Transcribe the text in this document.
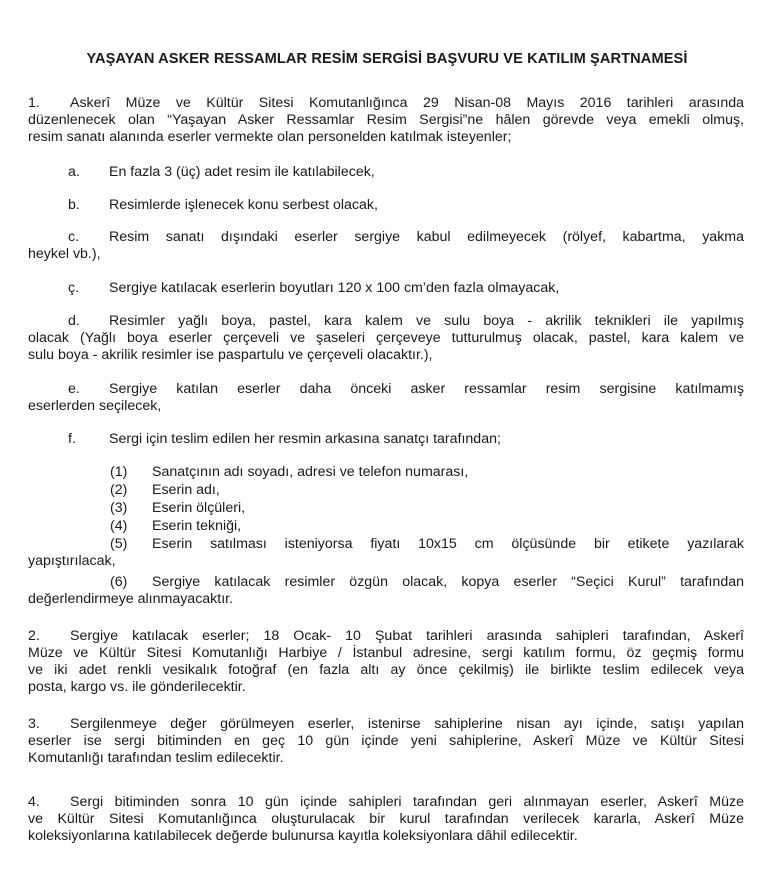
YAŞAYAN ASKER RESSAMLAR RESİM SERGİSİ BAŞVURU VE KATILIM ŞARTNAMESİ
1. Askerî Müze ve Kültür Sitesi Komutanlığınca 29 Nisan-08 Mayıs 2016 tarihleri arasında
düzenlenecek olan “Yaşayan Asker Ressamlar Resim Sergisi”ne hâlen görevde veya emekli olmuş,
resim sanatı alanında eserler vermekte olan personelden katılmak isteyenler;
a. En fazla 3 (üç) adet resim ile katılabilecek,
b. Resimlerde işlenecek konu serbest olacak,
c. Resim sanatı dışındaki eserler sergiye kabul edilmeyecek (rölyef, kabartma, yakma
heykel vb.),
ç. Sergiye katılacak eserlerin boyutları 120 x 100 cm’den fazla olmayacak,
d. Resimler yağlı boya, pastel, kara kalem ve sulu boya - akrilik teknikleri ile yapılmış
olacak (Yağlı boya eserler çerçeveli ve şaseleri çerçeveye tutturulmuş olacak, pastel, kara kalem ve
sulu boya - akrilik resimler ise paspartulu ve çerçeveli olacaktır.),
e. Sergiye katılan eserler daha önceki asker ressamlar resim sergisine katılmamış
eserlerden seçilecek,
f. Sergi için teslim edilen her resmin arkasına sanatçı tarafından;
(1) Sanatçının adı soyadı, adresi ve telefon numarası,
(2) Eserin adı,
(3) Eserin ölçüleri,
(4) Eserin tekniği,
(5) Eserin satılması isteniyorsa fiyatı 10x15 cm ölçüsünde bir etikete yazılarak
yapıştırılacak,
(6) Sergiye katılacak resimler özgün olacak, kopya eserler “Seçici Kurul” tarafından
değerlendirmeye alınmayacaktır.
2. Sergiye katılacak eserler; 18 Ocak- 10 Şubat tarihleri arasında sahipleri tarafından, Askerî
Müze ve Kültür Sitesi Komutanlığı Harbiye / İstanbul adresine, sergi katılım formu, öz geçmiş formu
ve iki adet renkli vesikalık fotoğraf (en fazla altı ay önce çekilmiş) ile birlikte teslim edilecek veya
posta, kargo vs. ile gönderilecektir.
3. Sergilenmeye değer görülmeyen eserler, istenirse sahiplerine nisan ayı içinde, satışı yapılan
eserler ise sergi bitiminden en geç 10 gün içinde yeni sahiplerine, Askerî Müze ve Kültür Sitesi
Komutanlığı tarafından teslim edilecektir.
4. Sergi bitiminden sonra 10 gün içinde sahipleri tarafından geri alınmayan eserler, Askerî Müze
ve Kültür Sitesi Komutanlığınca oluşturulacak bir kurul tarafından verilecek kararla, Askerî Müze
koleksiyonlarına katılabilecek değerde bulunursa kayıtla koleksiyonlara dâhil edilecektir.
